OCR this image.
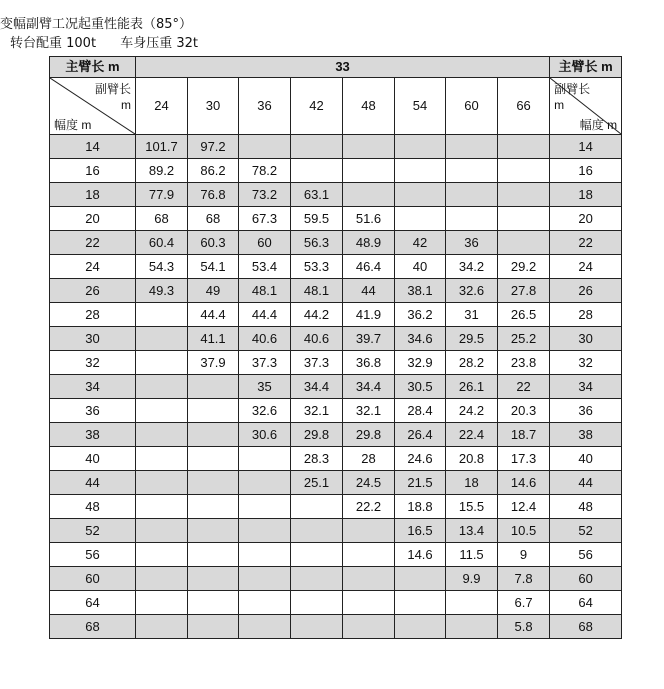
变幅副臂工况起重性能表（85°）
转台配重 100t 车身压重 32t
主臂长 m	33								主臂长 m

副臂长
m
幅度 m	24	30	36	42	48	54	60	66	副臂长
m
幅度 m

14	101.7	97.2							14
16	89.2	86.2	78.2						16
18	77.9	76.8	73.2	63.1					18
20	68	68	67.3	59.5	51.6				20
22	60.4	60.3	60	56.3	48.9	42	36		22
24	54.3	54.1	53.4	53.3	46.4	40	34.2	29.2	24
26	49.3	49	48.1	48.1	44	38.1	32.6	27.8	26
28		44.4	44.4	44.2	41.9	36.2	31	26.5	28
30		41.1	40.6	40.6	39.7	34.6	29.5	25.2	30
32		37.9	37.3	37.3	36.8	32.9	28.2	23.8	32
34			35	34.4	34.4	30.5	26.1	22	34
36			32.6	32.1	32.1	28.4	24.2	20.3	36
38			30.6	29.8	29.8	26.4	22.4	18.7	38
40				28.3	28	24.6	20.8	17.3	40
44				25.1	24.5	21.5	18	14.6	44
48					22.2	18.8	15.5	12.4	48
52						16.5	13.4	10.5	52
56						14.6	11.5	9	56
60							9.9	7.8	60
64								6.7	64
68								5.8	68
